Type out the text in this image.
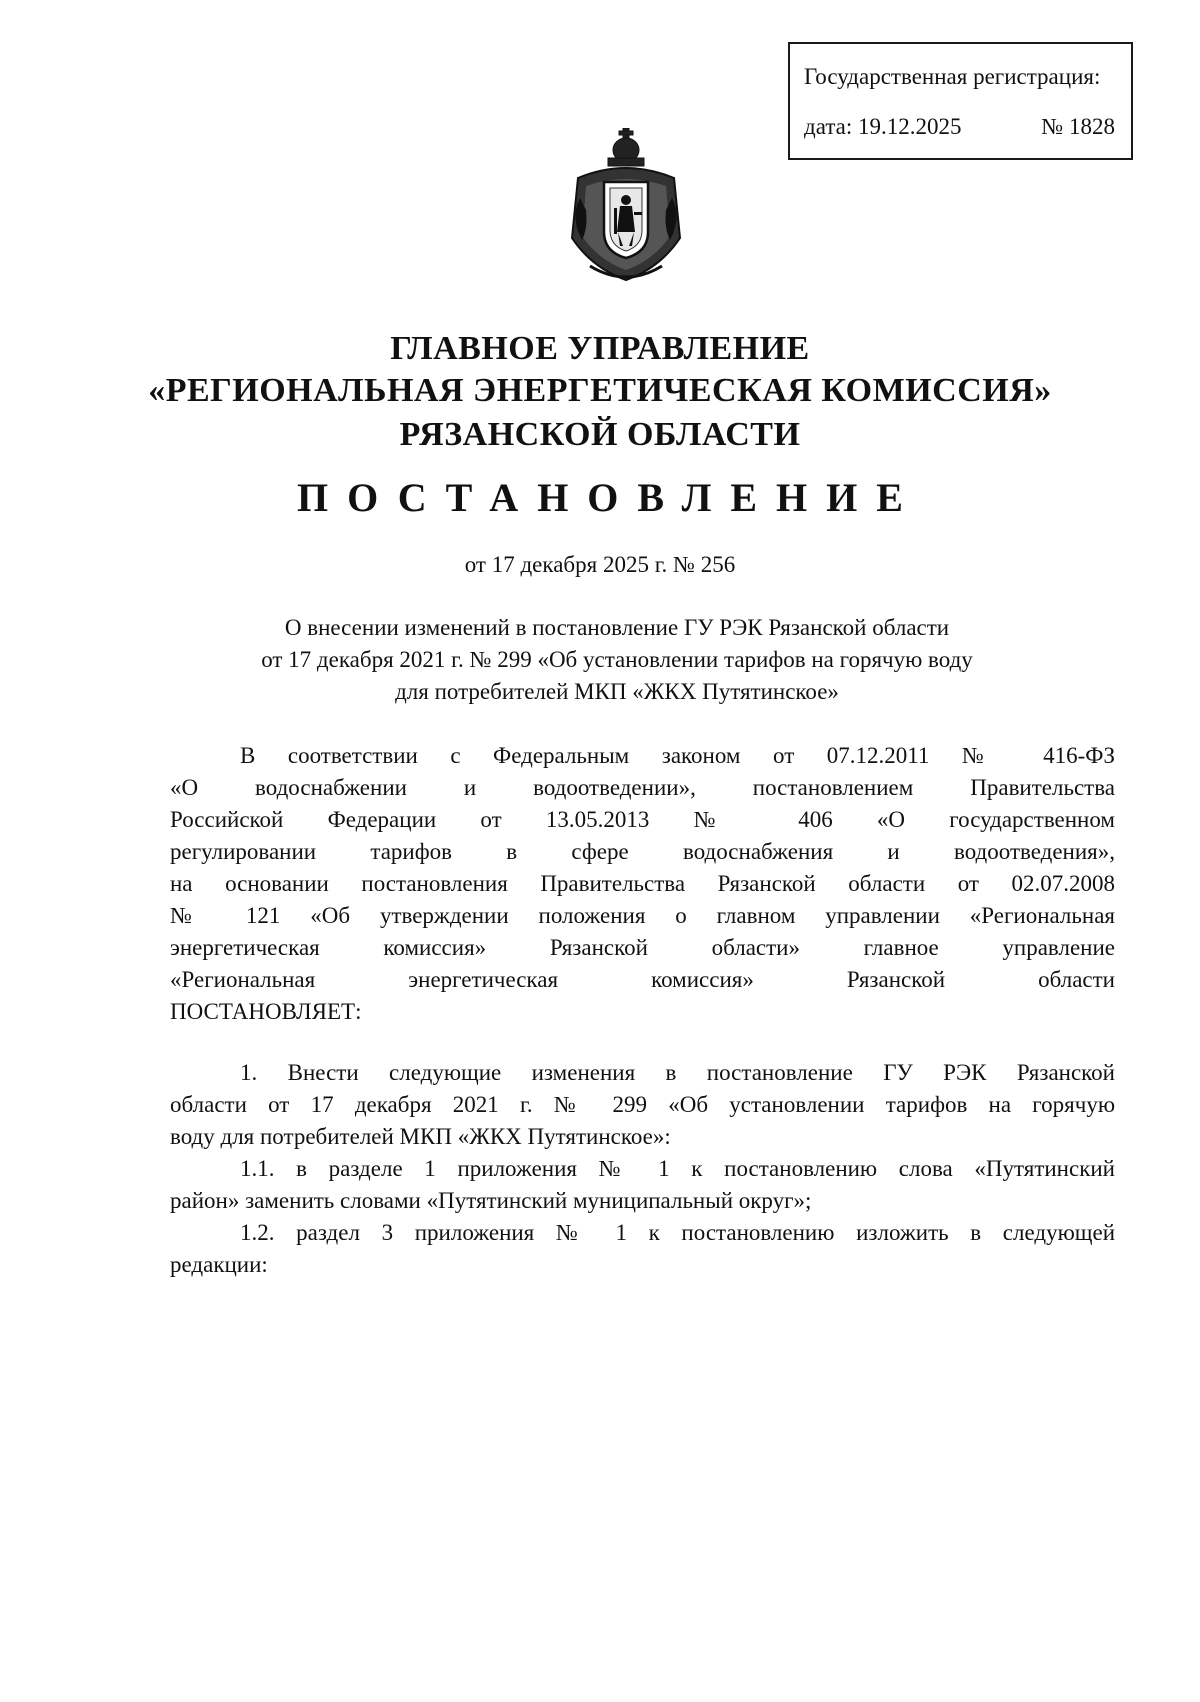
Государственная регистрация:
дата: 19.12.2025	№ 1828
ГЛАВНОЕ УПРАВЛЕНИЕ
«РЕГИОНАЛЬНАЯ ЭНЕРГЕТИЧЕСКАЯ КОМИССИЯ»
РЯЗАНСКОЙ ОБЛАСТИ
ПОСТАНОВЛЕНИЕ
от 17 декабря 2025 г. № 256
О внесении изменений в постановление ГУ РЭК Рязанской области
от 17 декабря 2021 г. № 299 «Об установлении тарифов на горячую воду
для потребителей МКП «ЖКХ Путятинское»
В соответствии с Федеральным законом от 07.12.2011 № 416-ФЗ
«О водоснабжении и водоотведении», постановлением Правительства
Российской Федерации от 13.05.2013 № 406 «О государственном
регулировании тарифов в сфере водоснабжения и водоотведения»,
на основании постановления Правительства Рязанской области от 02.07.2008
№ 121 «Об утверждении положения о главном управлении «Региональная
энергетическая комиссия» Рязанской области» главное управление
«Региональная энергетическая комиссия» Рязанской области
ПОСТАНОВЛЯЕТ:
1. Внести следующие изменения в постановление ГУ РЭК Рязанской
области от 17 декабря 2021 г. № 299 «Об установлении тарифов на горячую
воду для потребителей МКП «ЖКХ Путятинское»:
1.1. в разделе 1 приложения № 1 к постановлению слова «Путятинский
район» заменить словами «Путятинский муниципальный округ»;
1.2. раздел 3 приложения № 1 к постановлению изложить в следующей
редакции:
